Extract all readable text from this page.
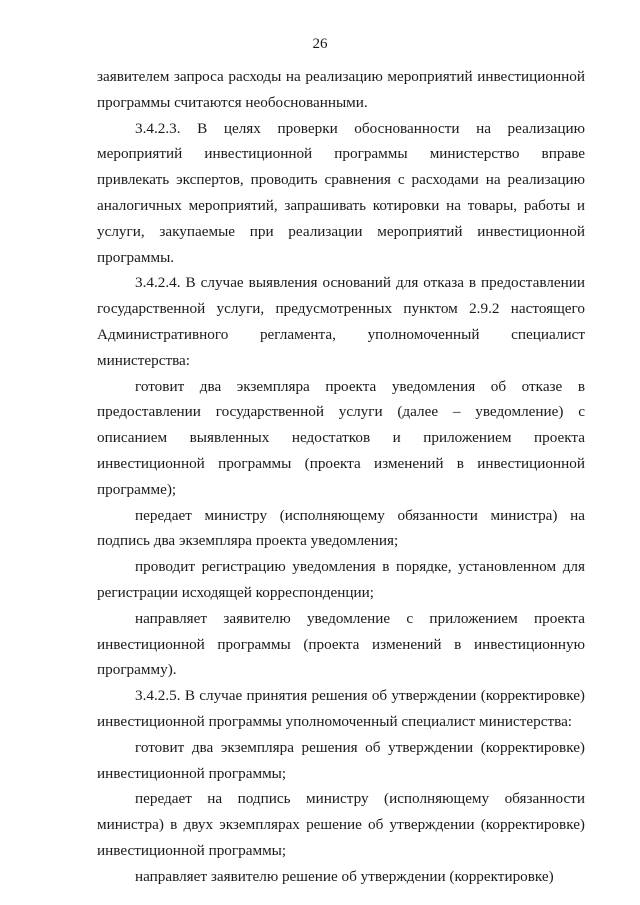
26

заявителем запроса расходы на реализацию мероприятий инвестиционной программы считаются необоснованными.

3.4.2.3. В целях проверки обоснованности на реализацию мероприятий инвестиционной программы министерство вправе привлекать экспертов, проводить сравнения с расходами на реализацию аналогичных мероприятий, запрашивать котировки на товары, работы и услуги, закупаемые при реализации мероприятий инвестиционной программы.

3.4.2.4. В случае выявления оснований для отказа в предоставлении государственной услуги, предусмотренных пунктом 2.9.2 настоящего Административного регламента, уполномоченный специалист министерства:

готовит два экземпляра проекта уведомления об отказе в предоставлении государственной услуги (далее – уведомление) с описанием выявленных недостатков и приложением проекта инвестиционной программы (проекта изменений в инвестиционной программе);

передает министру (исполняющему обязанности министра) на подпись два экземпляра проекта уведомления;

проводит регистрацию уведомления в порядке, установленном для регистрации исходящей корреспонденции;

направляет заявителю уведомление с приложением проекта инвестиционной программы (проекта изменений в инвестиционную программу).

3.4.2.5. В случае принятия решения об утверждении (корректировке) инвестиционной программы уполномоченный специалист министерства:

готовит два экземпляра решения об утверждении (корректировке) инвестиционной программы;

передает на подпись министру (исполняющему обязанности министра) в двух экземплярах решение об утверждении (корректировке) инвестиционной программы;

направляет заявителю решение об утверждении (корректировке)
